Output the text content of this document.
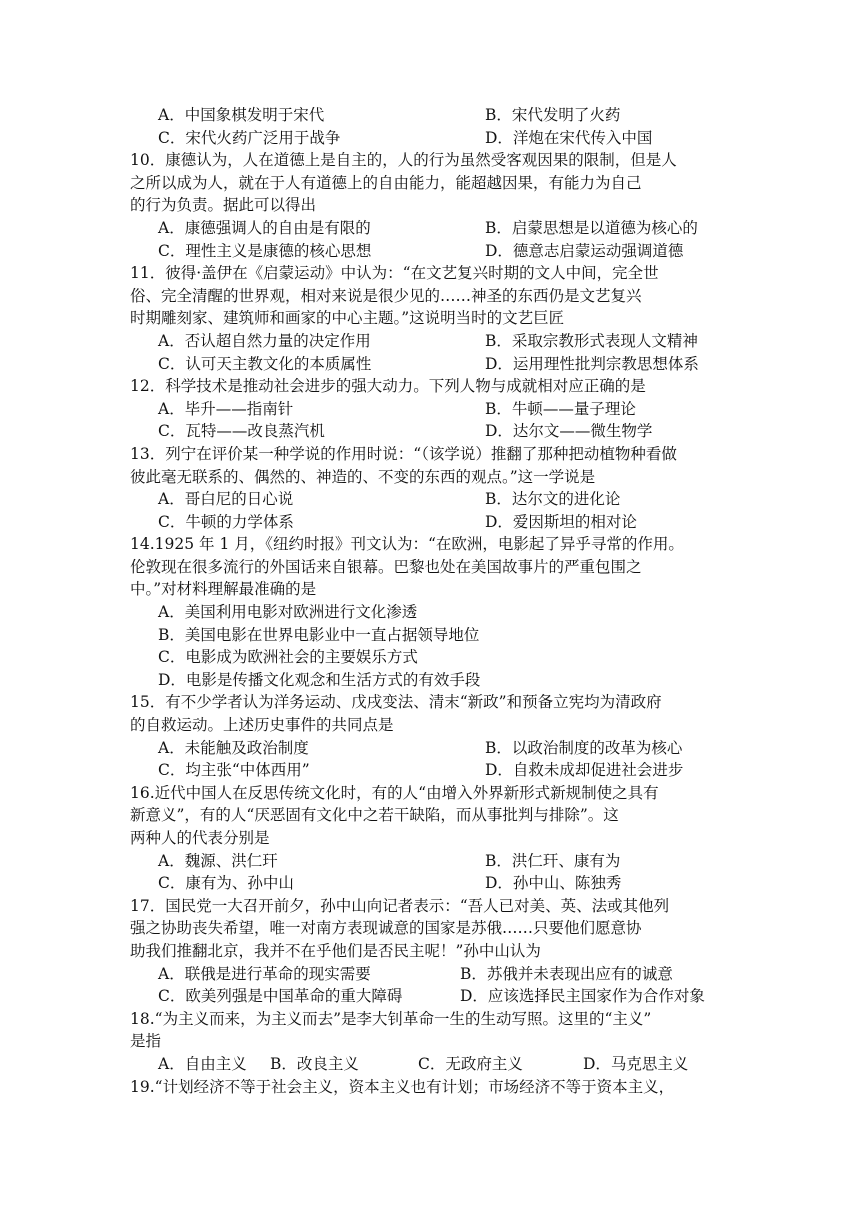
A．中国象棋发明于宋代	B．宋代发明了火药
C．宋代火药广泛用于战争	D．洋炮在宋代传入中国
10．康德认为，人在道德上是自主的，人的行为虽然受客观因果的限制，但是人
之所以成为人，就在于人有道德上的自由能力，能超越因果，有能力为自己
的行为负责。据此可以得出
A．康德强调人的自由是有限的	B．启蒙思想是以道德为核心的
C．理性主义是康德的核心思想	D．德意志启蒙运动强调道德
11．彼得·盖伊在《启蒙运动》中认为：“在文艺复兴时期的文人中间，完全世
俗、完全清醒的世界观，相对来说是很少见的……神圣的东西仍是文艺复兴
时期雕刻家、建筑师和画家的中心主题。”这说明当时的文艺巨匠
A．否认超自然力量的决定作用	B．采取宗教形式表现人文精神
C．认可天主教文化的本质属性	D．运用理性批判宗教思想体系
12．科学技术是推动社会进步的强大动力。下列人物与成就相对应正确的是
A．毕升——指南针	B．牛顿——量子理论
C．瓦特——改良蒸汽机	D．达尔文——微生物学
13．列宁在评价某一种学说的作用时说：“（该学说）推翻了那种把动植物种看做
彼此毫无联系的、偶然的、神造的、不变的东西的观点。”这一学说是
A．哥白尼的日心说	B．达尔文的进化论
C．牛顿的力学体系	D．爱因斯坦的相对论
14.1925 年 1 月，《纽约时报》刊文认为：“在欧洲，电影起了异乎寻常的作用。
伦敦现在很多流行的外国话来自银幕。巴黎也处在美国故事片的严重包围之
中。”对材料理解最准确的是
A．美国利用电影对欧洲进行文化渗透
B．美国电影在世界电影业中一直占据领导地位
C．电影成为欧洲社会的主要娱乐方式
D．电影是传播文化观念和生活方式的有效手段
15．有不少学者认为洋务运动、戊戌变法、清末“新政”和预备立宪均为清政府
的自救运动。上述历史事件的共同点是
A．未能触及政治制度	B．以政治制度的改革为核心
C．均主张“中体西用”	D．自救未成却促进社会进步
16.近代中国人在反思传统文化时，有的人“由增入外界新形式新规制使之具有
新意义”，有的人“厌恶固有文化中之若干缺陷，而从事批判与排除”。这
两种人的代表分别是
A．魏源、洪仁玕	B．洪仁玕、康有为
C．康有为、孙中山	D．孙中山、陈独秀
17．国民党一大召开前夕，孙中山向记者表示：“吾人已对美、英、法或其他列
强之协助丧失希望，唯一对南方表现诚意的国家是苏俄……只要他们愿意协
助我们推翻北京，我并不在乎他们是否民主呢！”孙中山认为
A．联俄是进行革命的现实需要	B．苏俄并未表现出应有的诚意
C．欧美列强是中国革命的重大障碍	D．应该选择民主国家作为合作对象
18.“为主义而来，为主义而去”是李大钊革命一生的生动写照。这里的“主义”
是指
A．自由主义	B．改良主义	C．无政府主义	D．马克思主义
19.“计划经济不等于社会主义，资本主义也有计划；市场经济不等于资本主义，
